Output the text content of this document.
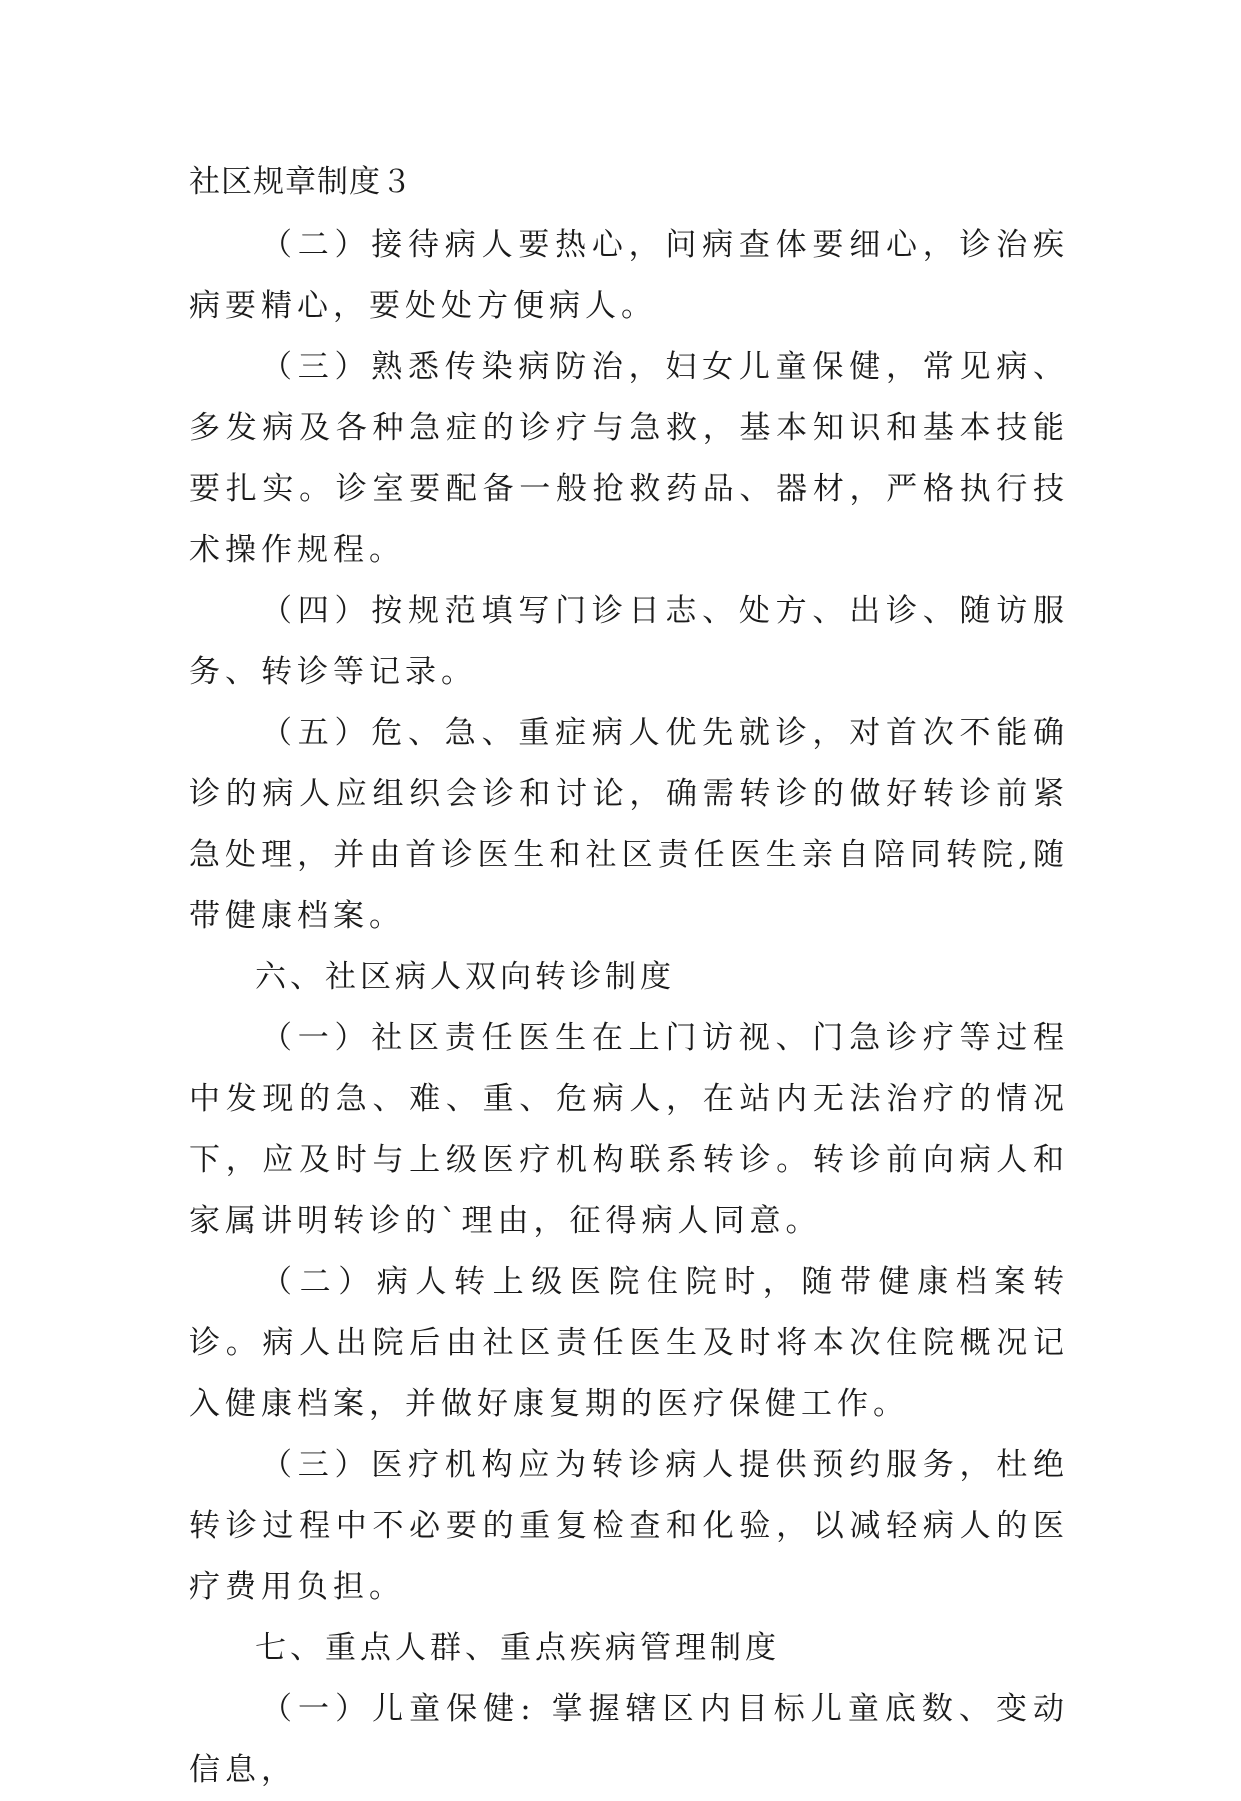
社区规章制度３

（二）接待病人要热心，问病查体要细心，诊治疾病要精心，要处处方便病人。

（三）熟悉传染病防治，妇女儿童保健，常见病、多发病及各种急症的诊疗与急救，基本知识和基本技能要扎实。诊室要配备一般抢救药品、器材，严格执行技术操作规程。

（四）按规范填写门诊日志、处方、出诊、随访服务、转诊等记录。

（五）危、急、重症病人优先就诊，对首次不能确诊的病人应组织会诊和讨论，确需转诊的做好转诊前紧急处理，并由首诊医生和社区责任医生亲自陪同转院,随带健康档案。

六、社区病人双向转诊制度

（一）社区责任医生在上门访视、门急诊疗等过程中发现的急、难、重、危病人，在站内无法治疗的情况下，应及时与上级医疗机构联系转诊。转诊前向病人和家属讲明转诊的`理由，征得病人同意。

（二）病人转上级医院住院时，随带健康档案转诊。病人出院后由社区责任医生及时将本次住院概况记入健康档案，并做好康复期的医疗保健工作。

（三）医疗机构应为转诊病人提供预约服务，杜绝转诊过程中不必要的重复检查和化验，以减轻病人的医疗费用负担。

七、重点人群、重点疾病管理制度

（一）儿童保健: 掌握辖区内目标儿童底数、变动信息，
